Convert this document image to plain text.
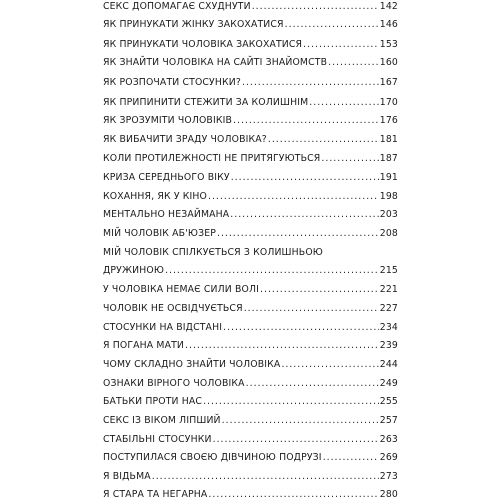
СЕКС ДОПОМАГАЄ СХУДНУТИ .....	142
ЯК ПРИНУКАТИ ЖІНКУ ЗАКОХАТИСЯ .....	146
ЯК ПРИНУКАТИ ЧОЛОВІКА ЗАКОХАТИСЯ .....	153
ЯК ЗНАЙТИ ЧОЛОВІКА НА САЙТІ ЗНАЙОМСТВ .....	160
ЯК РОЗПОЧАТИ СТОСУНКИ? .....	167
ЯК ПРИПИНИТИ СТЕЖИТИ ЗА КОЛИШНІМ .....	170
ЯК ЗРОЗУМІТИ ЧОЛОВІКІВ .....	176
ЯК ВИБАЧИТИ ЗРАДУ ЧОЛОВІКА? .....	181
КОЛИ ПРОТИЛЕЖНОСТІ НЕ ПРИТЯГУЮТЬСЯ .....	187
КРИЗА СЕРЕДНЬОГО ВІКУ .....	191
КОХАННЯ, ЯК У КІНО .....	198
МЕНТАЛЬНО НЕЗАЙМАНА .....	203
МІЙ ЧОЛОВІК АБ'ЮЗЕР .....	208
МІЙ ЧОЛОВІК СПІЛКУЄТЬСЯ З КОЛИШНЬОЮ
ДРУЖИНОЮ .....	215
У ЧОЛОВІКА НЕМАЄ СИЛИ ВОЛІ .....	221
ЧОЛОВІК НЕ ОСВІДЧУЄТЬСЯ .....	227
СТОСУНКИ НА ВІДСТАНІ .....	234
Я ПОГАНА МАТИ .....	239
ЧОМУ СКЛАДНО ЗНАЙТИ ЧОЛОВІКА .....	244
ОЗНАКИ ВІРНОГО ЧОЛОВІКА .....	249
БАТЬКИ ПРОТИ НАС .....	255
СЕКС ІЗ ВІКОМ ЛІПШИЙ .....	257
СТАБІЛЬНІ СТОСУНКИ .....	263
ПОСТУПИЛАСЯ СВОЄЮ ДІВЧИНОЮ ПОДРУЗІ .....	269
Я ВІДЬМА .....	273
Я СТАРА ТА НЕГАРНА .....	280
